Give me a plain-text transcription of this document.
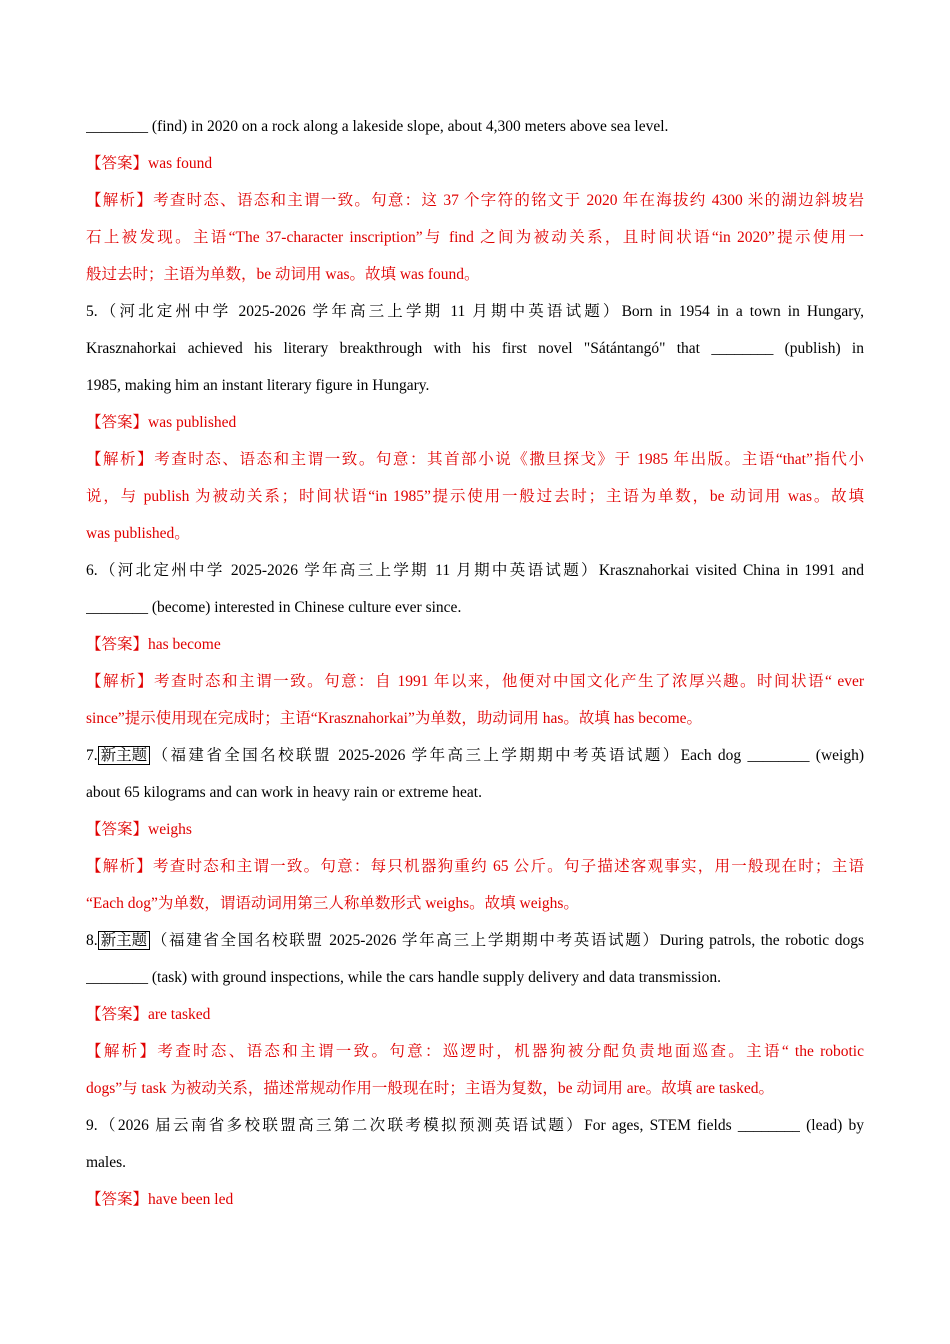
________ (find) in 2020 on a rock along a lakeside slope, about 4,300 meters above sea level.
【答案】was found
【解析】考查时态、语态和主谓一致。句意：这 37 个字符的铭文于 2020 年在海拔约 4300 米的湖边斜坡岩
石上被发现。主语“The 37-character inscription”与 find 之间为被动关系，且时间状语“in 2020”提示使用一
般过去时；主语为单数，be 动词用 was。故填 was found。
5.（河北定州中学 2025-2026 学年高三上学期 11 月期中英语试题）Born in 1954 in a town in Hungary,
Krasznahorkai achieved his literary breakthrough with his first novel "Sátántangó" that ________ (publish) in
1985, making him an instant literary figure in Hungary.
【答案】was published
【解析】考查时态、语态和主谓一致。句意：其首部小说《撒旦探戈》于 1985 年出版。主语“that”指代小
说，与 publish 为被动关系；时间状语“in 1985”提示使用一般过去时；主语为单数，be 动词用 was。故填
was published。
6.（河北定州中学 2025-2026 学年高三上学期 11 月期中英语试题）Krasznahorkai visited China in 1991 and
________ (become) interested in Chinese culture ever since.
【答案】has become
【解析】考查时态和主谓一致。句意：自 1991 年以来，他便对中国文化产生了浓厚兴趣。时间状语“ ever
since”提示使用现在完成时；主语“Krasznahorkai”为单数，助动词用 has。故填 has become。
7. 新主题 （福建省全国名校联盟 2025-2026 学年高三上学期期中考英语试题）Each dog ________ (weigh)
about 65 kilograms and can work in heavy rain or extreme heat.
【答案】weighs
【解析】考查时态和主谓一致。句意：每只机器狗重约 65 公斤。句子描述客观事实，用一般现在时；主语
“Each dog”为单数，谓语动词用第三人称单数形式 weighs。故填 weighs。
8. 新主题 （福建省全国名校联盟 2025-2026 学年高三上学期期中考英语试题）During patrols, the robotic dogs
________ (task) with ground inspections, while the cars handle supply delivery and data transmission.
【答案】are tasked
【解析】考查时态、语态和主谓一致。句意：巡逻时，机器狗被分配负责地面巡查。主语“ the robotic
dogs”与 task 为被动关系，描述常规动作用一般现在时；主语为复数，be 动词用 are。故填 are tasked。
9.（2026 届云南省多校联盟高三第二次联考模拟预测英语试题）For ages, STEM fields ________ (lead) by
males.
【答案】have been led
